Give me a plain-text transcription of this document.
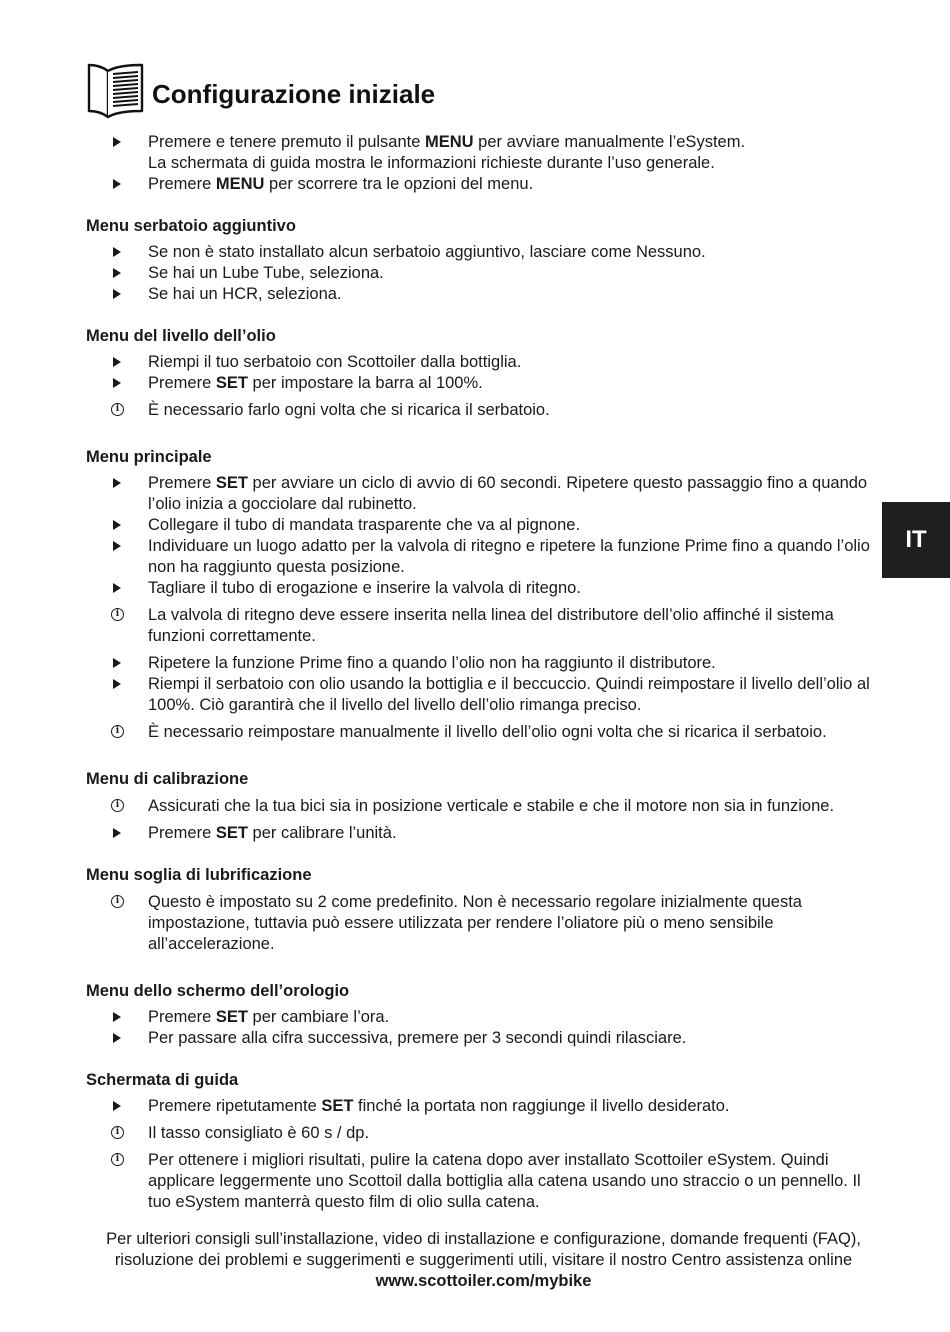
Configurazione iniziale
Premere e tenere premuto il pulsante MENU per avviare manualmente l’eSystem.
La schermata di guida mostra le informazioni richieste durante l’uso generale.
Premere MENU per scorrere tra le opzioni del menu.
Menu serbatoio aggiuntivo
Se non è stato installato alcun serbatoio aggiuntivo, lasciare come Nessuno.
Se hai un Lube Tube, seleziona.
Se hai un HCR, seleziona.
Menu del livello dell’olio
Riempi il tuo serbatoio con Scottoiler dalla bottiglia.
Premere SET per impostare la barra al 100%.
i È necessario farlo ogni volta che si ricarica il serbatoio.
Menu principale
Premere SET per avviare un ciclo di avvio di 60 secondi. Ripetere questo passaggio fino a quando l’olio inizia a gocciolare dal rubinetto.
Collegare il tubo di mandata trasparente che va al pignone.
Individuare un luogo adatto per la valvola di ritegno e ripetere la funzione Prime fino a quando l’olio non ha raggiunto questa posizione.
Tagliare il tubo di erogazione e inserire la valvola di ritegno.
i La valvola di ritegno deve essere inserita nella linea del distributore dell’olio affinché il sistema funzioni correttamente.
Ripetere la funzione Prime fino a quando l’olio non ha raggiunto il distributore.
Riempi il serbatoio con olio usando la bottiglia e il beccuccio. Quindi reimpostare il livello dell’olio al 100%. Ciò garantirà che il livello del livello dell’olio rimanga preciso.
i È necessario reimpostare manualmente il livello dell’olio ogni volta che si ricarica il serbatoio.
Menu di calibrazione
i Assicurati che la tua bici sia in posizione verticale e stabile e che il motore non sia in funzione.
Premere SET per calibrare l’unità.
Menu soglia di lubrificazione
i Questo è impostato su 2 come predefinito. Non è necessario regolare inizialmente questa impostazione, tuttavia può essere utilizzata per rendere l’oliatore più o meno sensibile all’accelerazione.
Menu dello schermo dell’orologio
Premere SET per cambiare l’ora.
Per passare alla cifra successiva, premere per 3 secondi quindi rilasciare.
Schermata di guida
Premere ripetutamente SET finché la portata non raggiunge il livello desiderato.
i Il tasso consigliato è 60 s / dp.
i Per ottenere i migliori risultati, pulire la catena dopo aver installato Scottoiler eSystem. Quindi applicare leggermente uno Scottoil dalla bottiglia alla catena usando uno straccio o un pennello. Il tuo eSystem manterrà questo film di olio sulla catena.
Per ulteriori consigli sull’installazione, video di installazione e configurazione, domande frequenti (FAQ), risoluzione dei problemi e suggerimenti e suggerimenti utili, visitare il nostro Centro assistenza online
www.scottoiler.com/mybike
IT
